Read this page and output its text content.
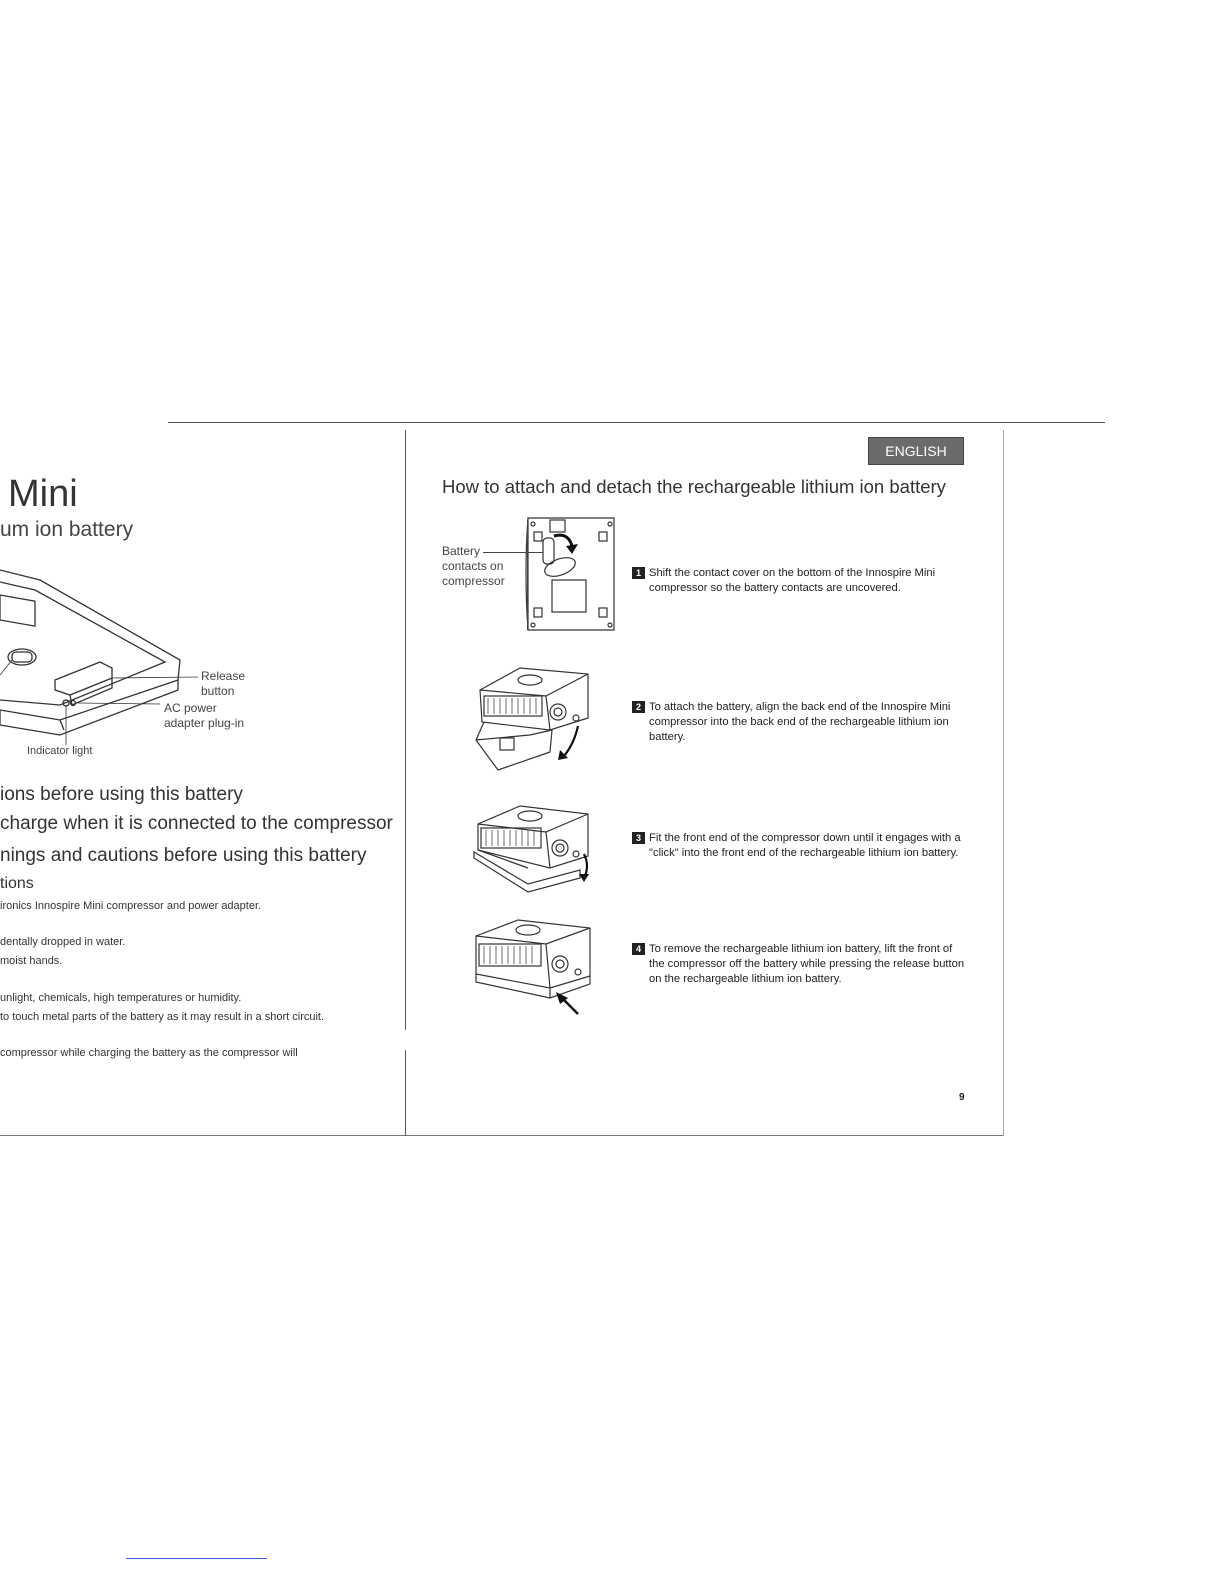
Mini
um ion battery
Release
button
AC power
adapter plug-in
Indicator light
ions before using this battery
charge when it is connected to the compressor
nings and cautions before using this battery
tions
ironics Innospire Mini compressor and power adapter.
dentally dropped in water.
moist hands.
unlight, chemicals, high temperatures or humidity.
to touch metal parts of the battery as it may result in a short circuit.
compressor while charging the battery as the compressor will
ENGLISH
How to attach and detach the rechargeable lithium ion battery
Battery
contacts on
compressor
1 Shift the contact cover on the bottom of the Innospire Mini compressor so the battery contacts are uncovered.
2 To attach the battery, align the back end of the Innospire Mini compressor into the back end of the rechargeable lithium ion battery.
3 Fit the front end of the compressor down until it engages with a "click" into the front end of the rechargeable lithium ion battery.
4 To remove the rechargeable lithium ion battery, lift the front of the compressor off the battery while pressing the release button on the rechargeable lithium ion battery.
9
